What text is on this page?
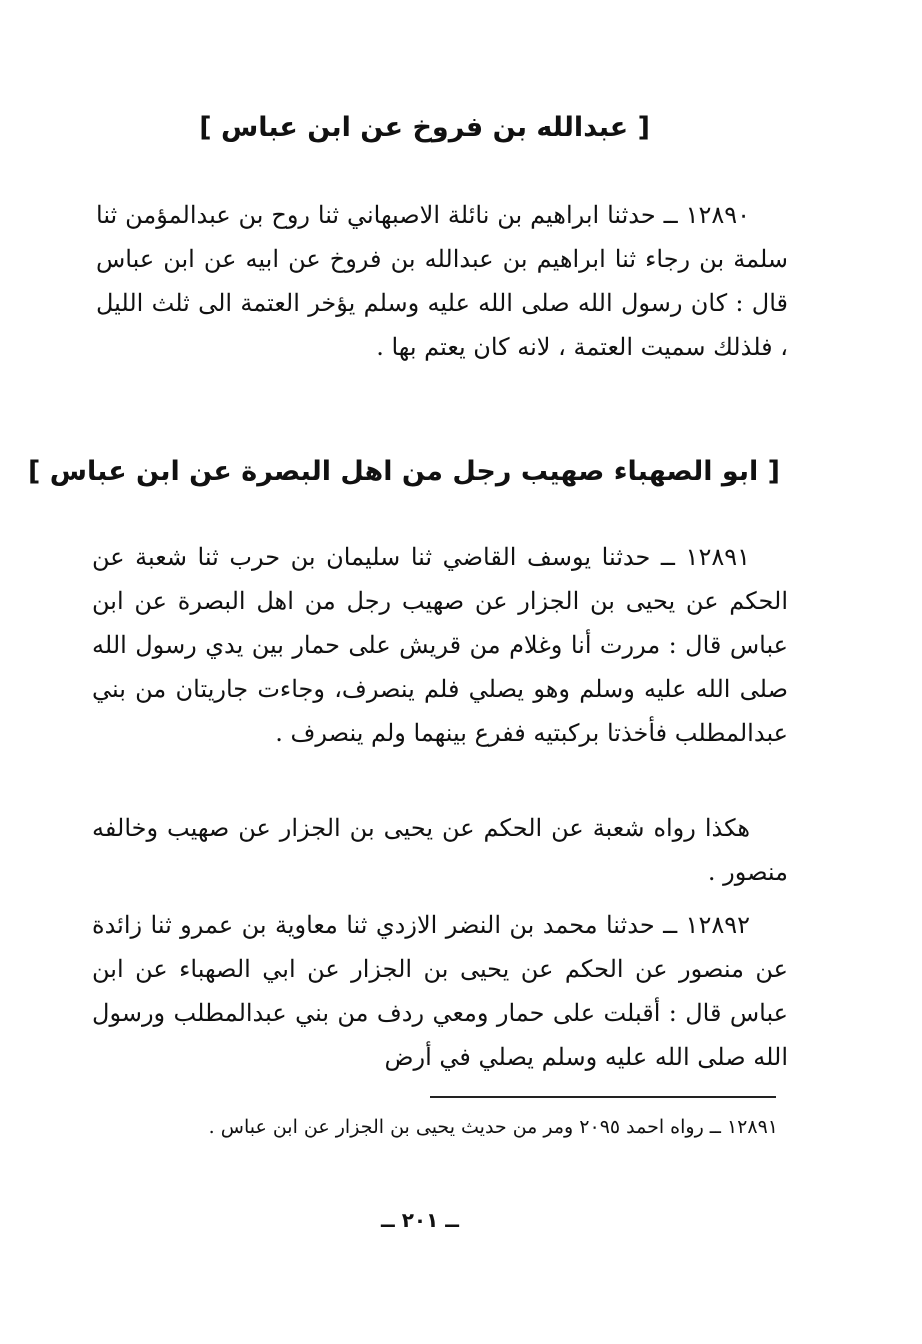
[ عبدالله بن فروخ عن ابن عباس ]
١٢٨٩٠ ــ حدثنا ابراهيم بن نائلة الاصبهاني ثنا روح بن عبدالمؤمن ثنا سلمة بن رجاء ثنا ابراهيم بن عبدالله بن فروخ عن ابيه عن ابن عباس قال : كان رسول الله صلى الله عليه وسلم يؤخر العتمة الى ثلث الليل ، فلذلك سميت العتمة ، لانه كان يعتم بها .
[ ابو الصهباء صهيب رجل من اهل البصرة عن ابن عباس ]
١٢٨٩١ ــ حدثنا يوسف القاضي ثنا سليمان بن حرب ثنا شعبة عن الحكم عن يحيى بن الجزار عن صهيب رجل من اهل البصرة عن ابن عباس قال : مررت أنا وغلام من قريش على حمار بين يدي رسول الله صلى الله عليه وسلم وهو يصلي فلم ينصرف، وجاءت جاريتان من بني عبدالمطلب فأخذتا بركبتيه ففرع بينهما ولم ينصرف .
هكذا رواه شعبة عن الحكم عن يحيى بن الجزار عن صهيب وخالفه منصور .
١٢٨٩٢ ــ حدثنا محمد بن النضر الازدي ثنا معاوية بن عمرو ثنا زائدة عن منصور عن الحكم عن يحيى بن الجزار عن ابي الصهباء عن ابن عباس قال : أقبلت على حمار ومعي ردف من بني عبدالمطلب ورسول الله صلى الله عليه وسلم يصلي في أرض
١٢٨٩١ ــ رواه احمد ٢٠٩٥ ومر من حديث يحيى بن الجزار عن ابن عباس .
ــ ٢٠١ ــ
